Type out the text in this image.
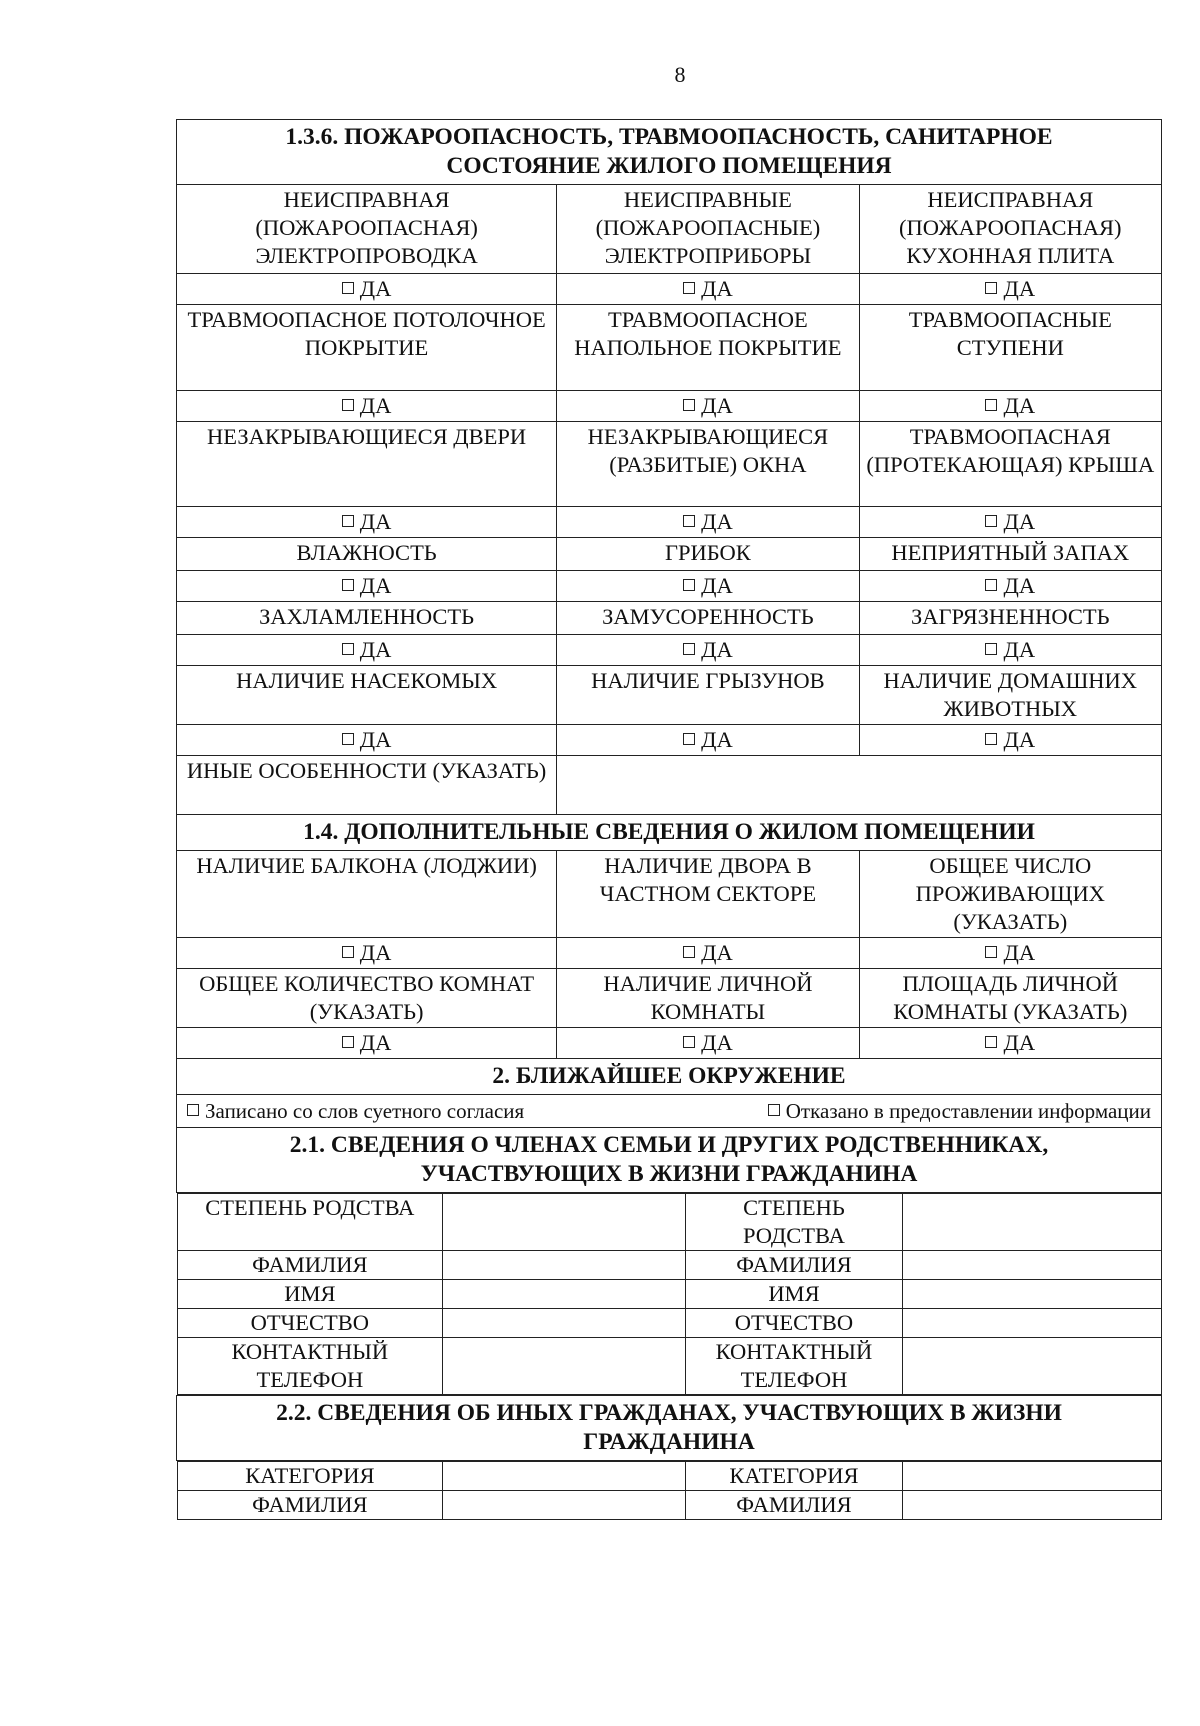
8
1.3.6. ПОЖАРООПАСНОСТЬ, ТРАВМООПАСНОСТЬ, САНИТАРНОЕ
СОСТОЯНИЕ ЖИЛОГО ПОМЕЩЕНИЯ

НЕИСПРАВНАЯ (ПОЖАРООПАСНАЯ) ЭЛЕКТРОПРОВОДКА	НЕИСПРАВНЫЕ (ПОЖАРООПАСНЫЕ) ЭЛЕКТРОПРИБОРЫ	НЕИСПРАВНАЯ (ПОЖАРООПАСНАЯ) КУХОННАЯ ПЛИТА
ДА	ДА	ДА
ТРАВМООПАСНОЕ ПОТОЛОЧНОЕ ПОКРЫТИЕ	ТРАВМООПАСНОЕ НАПОЛЬНОЕ ПОКРЫТИЕ	ТРАВМООПАСНЫЕ СТУПЕНИ
ДА	ДА	ДА
НЕЗАКРЫВАЮЩИЕСЯ ДВЕРИ	НЕЗАКРЫВАЮЩИЕСЯ (РАЗБИТЫЕ) ОКНА	ТРАВМООПАСНАЯ (ПРОТЕКАЮЩАЯ) КРЫША
ДА	ДА	ДА
ВЛАЖНОСТЬ	ГРИБОК	НЕПРИЯТНЫЙ ЗАПАХ
ДА	ДА	ДА
ЗАХЛАМЛЕННОСТЬ	ЗАМУСОРЕННОСТЬ	ЗАГРЯЗНЕННОСТЬ
ДА	ДА	ДА
НАЛИЧИЕ НАСЕКОМЫХ	НАЛИЧИЕ ГРЫЗУНОВ	НАЛИЧИЕ ДОМАШНИХ ЖИВОТНЫХ
ДА	ДА	ДА
ИНЫЕ ОСОБЕННОСТИ (УКАЗАТЬ)	

1.4. ДОПОЛНИТЕЛЬНЫЕ СВЕДЕНИЯ О ЖИЛОМ ПОМЕЩЕНИИ

НАЛИЧИЕ БАЛКОНА (ЛОДЖИИ)	НАЛИЧИЕ ДВОРА В ЧАСТНОМ СЕКТОРЕ	ОБЩЕЕ ЧИСЛО ПРОЖИВАЮЩИХ (УКАЗАТЬ)
ДА	ДА	ДА
ОБЩЕЕ КОЛИЧЕСТВО КОМНАТ (УКАЗАТЬ)	НАЛИЧИЕ ЛИЧНОЙ КОМНАТЫ	ПЛОЩАДЬ ЛИЧНОЙ КОМНАТЫ (УКАЗАТЬ)
ДА	ДА	ДА

2. БЛИЖАЙШЕЕ ОКРУЖЕНИЕ

Записано со слов суетного согласия	Отказано в предоставлении информации

2.1. СВЕДЕНИЯ О ЧЛЕНАХ СЕМЬИ И ДРУГИХ РОДСТВЕННИКАХ,
УЧАСТВУЮЩИХ В ЖИЗНИ ГРАЖДАНИНА

СТЕПЕНЬ РОДСТВА		СТЕПЕНЬ РОДСТВА	
ФАМИЛИЯ		ФАМИЛИЯ	
ИМЯ		ИМЯ	
ОТЧЕСТВО		ОТЧЕСТВО	
КОНТАКТНЫЙ ТЕЛЕФОН		КОНТАКТНЫЙ ТЕЛЕФОН	

2.2. СВЕДЕНИЯ ОБ ИНЫХ ГРАЖДАНАХ, УЧАСТВУЮЩИХ В ЖИЗНИ
ГРАЖДАНИНА

КАТЕГОРИЯ		КАТЕГОРИЯ	
ФАМИЛИЯ		ФАМИЛИЯ	
